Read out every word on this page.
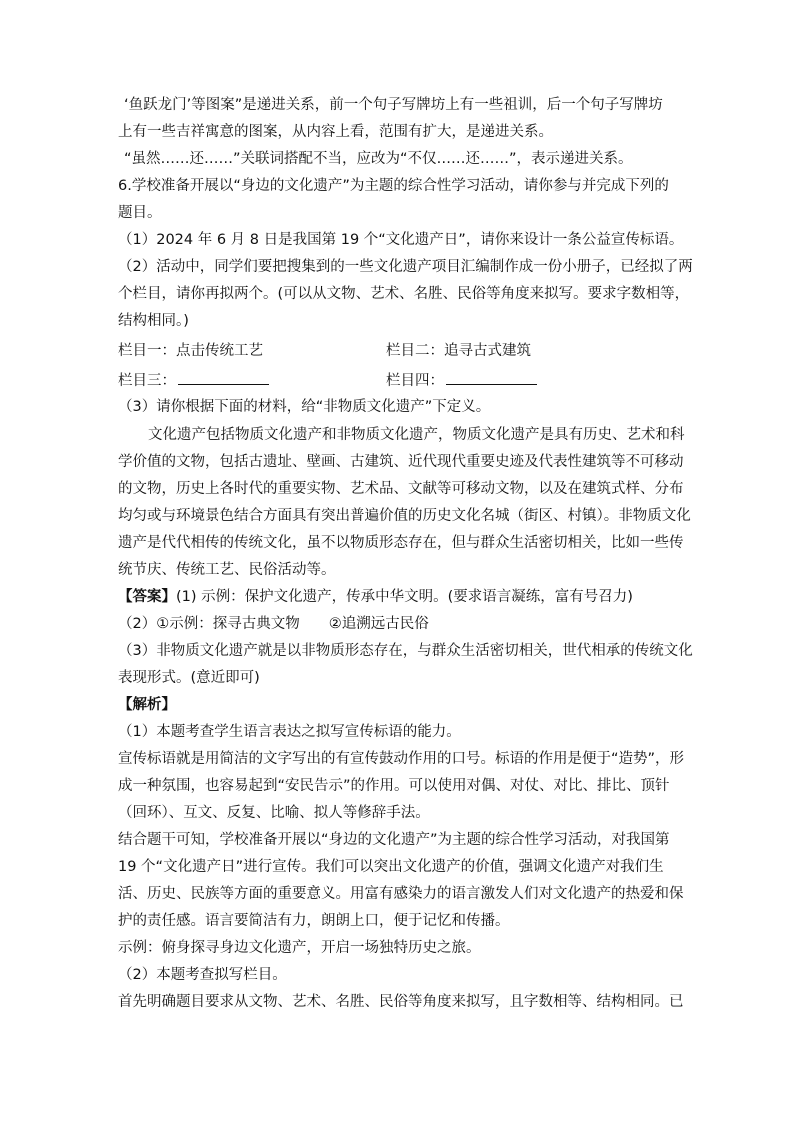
‘鱼跃龙门’等图案”是递进关系，前一个句子写牌坊上有一些祖训，后一个句子写牌坊
上有一些吉祥寓意的图案，从内容上看，范围有扩大，是递进关系。
“虽然……还……”关联词搭配不当，应改为“不仅……还……”，表示递进关系。
6.学校准备开展以“身边的文化遗产”为主题的综合性学习活动，请你参与并完成下列的
题目。
（1）2024 年 6 月 8 日是我国第 19 个“文化遗产日”，请你来设计一条公益宣传标语。
（2）活动中，同学们要把搜集到的一些文化遗产项目汇编制作成一份小册子，已经拟了两
个栏目，请你再拟两个。(可以从文物、艺术、名胜、民俗等角度来拟写。要求字数相等，
结构相同。)
栏目一：点击传统工艺	栏目二：追寻古式建筑
栏目三：	栏目四：
（3）请你根据下面的材料，给“非物质文化遗产”下定义。
文化遗产包括物质文化遗产和非物质文化遗产，物质文化遗产是具有历史、艺术和科
学价值的文物，包括古遗址、壁画、古建筑、近代现代重要史迹及代表性建筑等不可移动
的文物，历史上各时代的重要实物、艺术品、文献等可移动文物，以及在建筑式样、分布
均匀或与环境景色结合方面具有突出普遍价值的历史文化名城（街区、村镇）。非物质文化
遗产是代代相传的传统文化，虽不以物质形态存在，但与群众生活密切相关，比如一些传
统节庆、传统工艺、民俗活动等。
【答案】(1) 示例：保护文化遗产，传承中华文明。(要求语言凝练，富有号召力)
（2）①示例：探寻古典文物　　②追溯远古民俗
（3）非物质文化遗产就是以非物质形态存在，与群众生活密切相关，世代相承的传统文化
表现形式。(意近即可)
【解析】
（1）本题考查学生语言表达之拟写宣传标语的能力。
宣传标语就是用简洁的文字写出的有宣传鼓动作用的口号。标语的作用是便于“造势”，形
成一种氛围，也容易起到“安民告示”的作用。可以使用对偶、对仗、对比、排比、顶针
（回环）、互文、反复、比喻、拟人等修辞手法。
结合题干可知，学校准备开展以“身边的文化遗产”为主题的综合性学习活动，对我国第
19 个“文化遗产日”进行宣传。我们可以突出文化遗产的价值，强调文化遗产对我们生
活、历史、民族等方面的重要意义。用富有感染力的语言激发人们对文化遗产的热爱和保
护的责任感。语言要简洁有力，朗朗上口，便于记忆和传播。
示例：俯身探寻身边文化遗产，开启一场独特历史之旅。
（2）本题考查拟写栏目。
首先明确题目要求从文物、艺术、名胜、民俗等角度来拟写，且字数相等、结构相同。已
